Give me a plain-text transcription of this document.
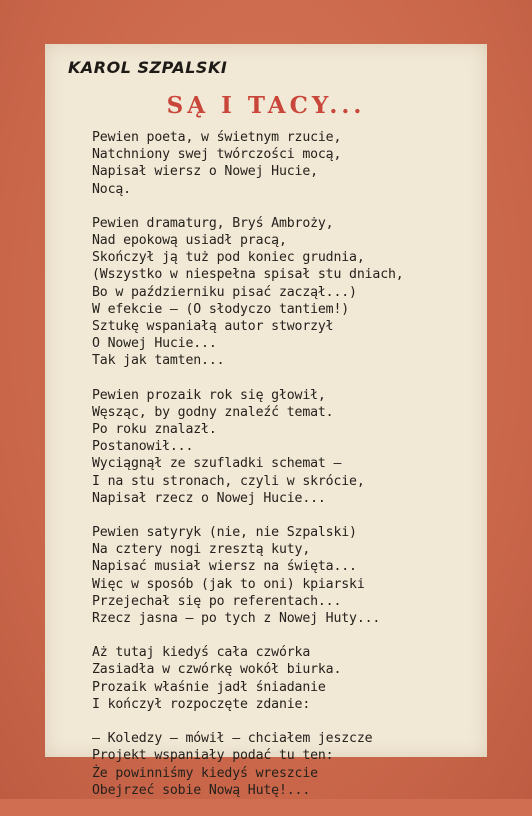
KAROL SZPALSKI
SĄ I TACY...
Pewien poeta, w świetnym rzucie,
Natchniony swej twórczości mocą,
Napisał wiersz o Nowej Hucie,
Nocą.
Pewien dramaturg, Bryś Ambroży,
Nad epokową usiadł pracą,
Skończył ją tuż pod koniec grudnia,
(Wszystko w niespełna spisał stu dniach,
Bo w październiku pisać zaczął...)
W efekcie — (O słodyczo tantiem!)
Sztukę wspaniałą autor stworzył
O Nowej Hucie...
Tak jak tamten...
Pewien prozaik rok się głowił,
Węsząc, by godny znaleźć temat.
Po roku znalazł.
Postanowił...
Wyciągnął ze szufladki schemat —
I na stu stronach, czyli w skrócie,
Napisał rzecz o Nowej Hucie...
Pewien satyryk (nie, nie Szpalski)
Na cztery nogi zresztą kuty,
Napisać musiał wiersz na święta...
Więc w sposób (jak to oni) kpiarski
Przejechał się po referentach...
Rzecz jasna — po tych z Nowej Huty...
Aż tutaj kiedyś cała czwórka
Zasiadła w czwórkę wokół biurka.
Prozaik właśnie jadł śniadanie
I kończył rozpoczęte zdanie:
— Koledzy — mówił — chciałem jeszcze
Projekt wspaniały podać tu ten:
Że powinniśmy kiedyś wreszcie
Obejrzeć sobie Nową Hutę!...
